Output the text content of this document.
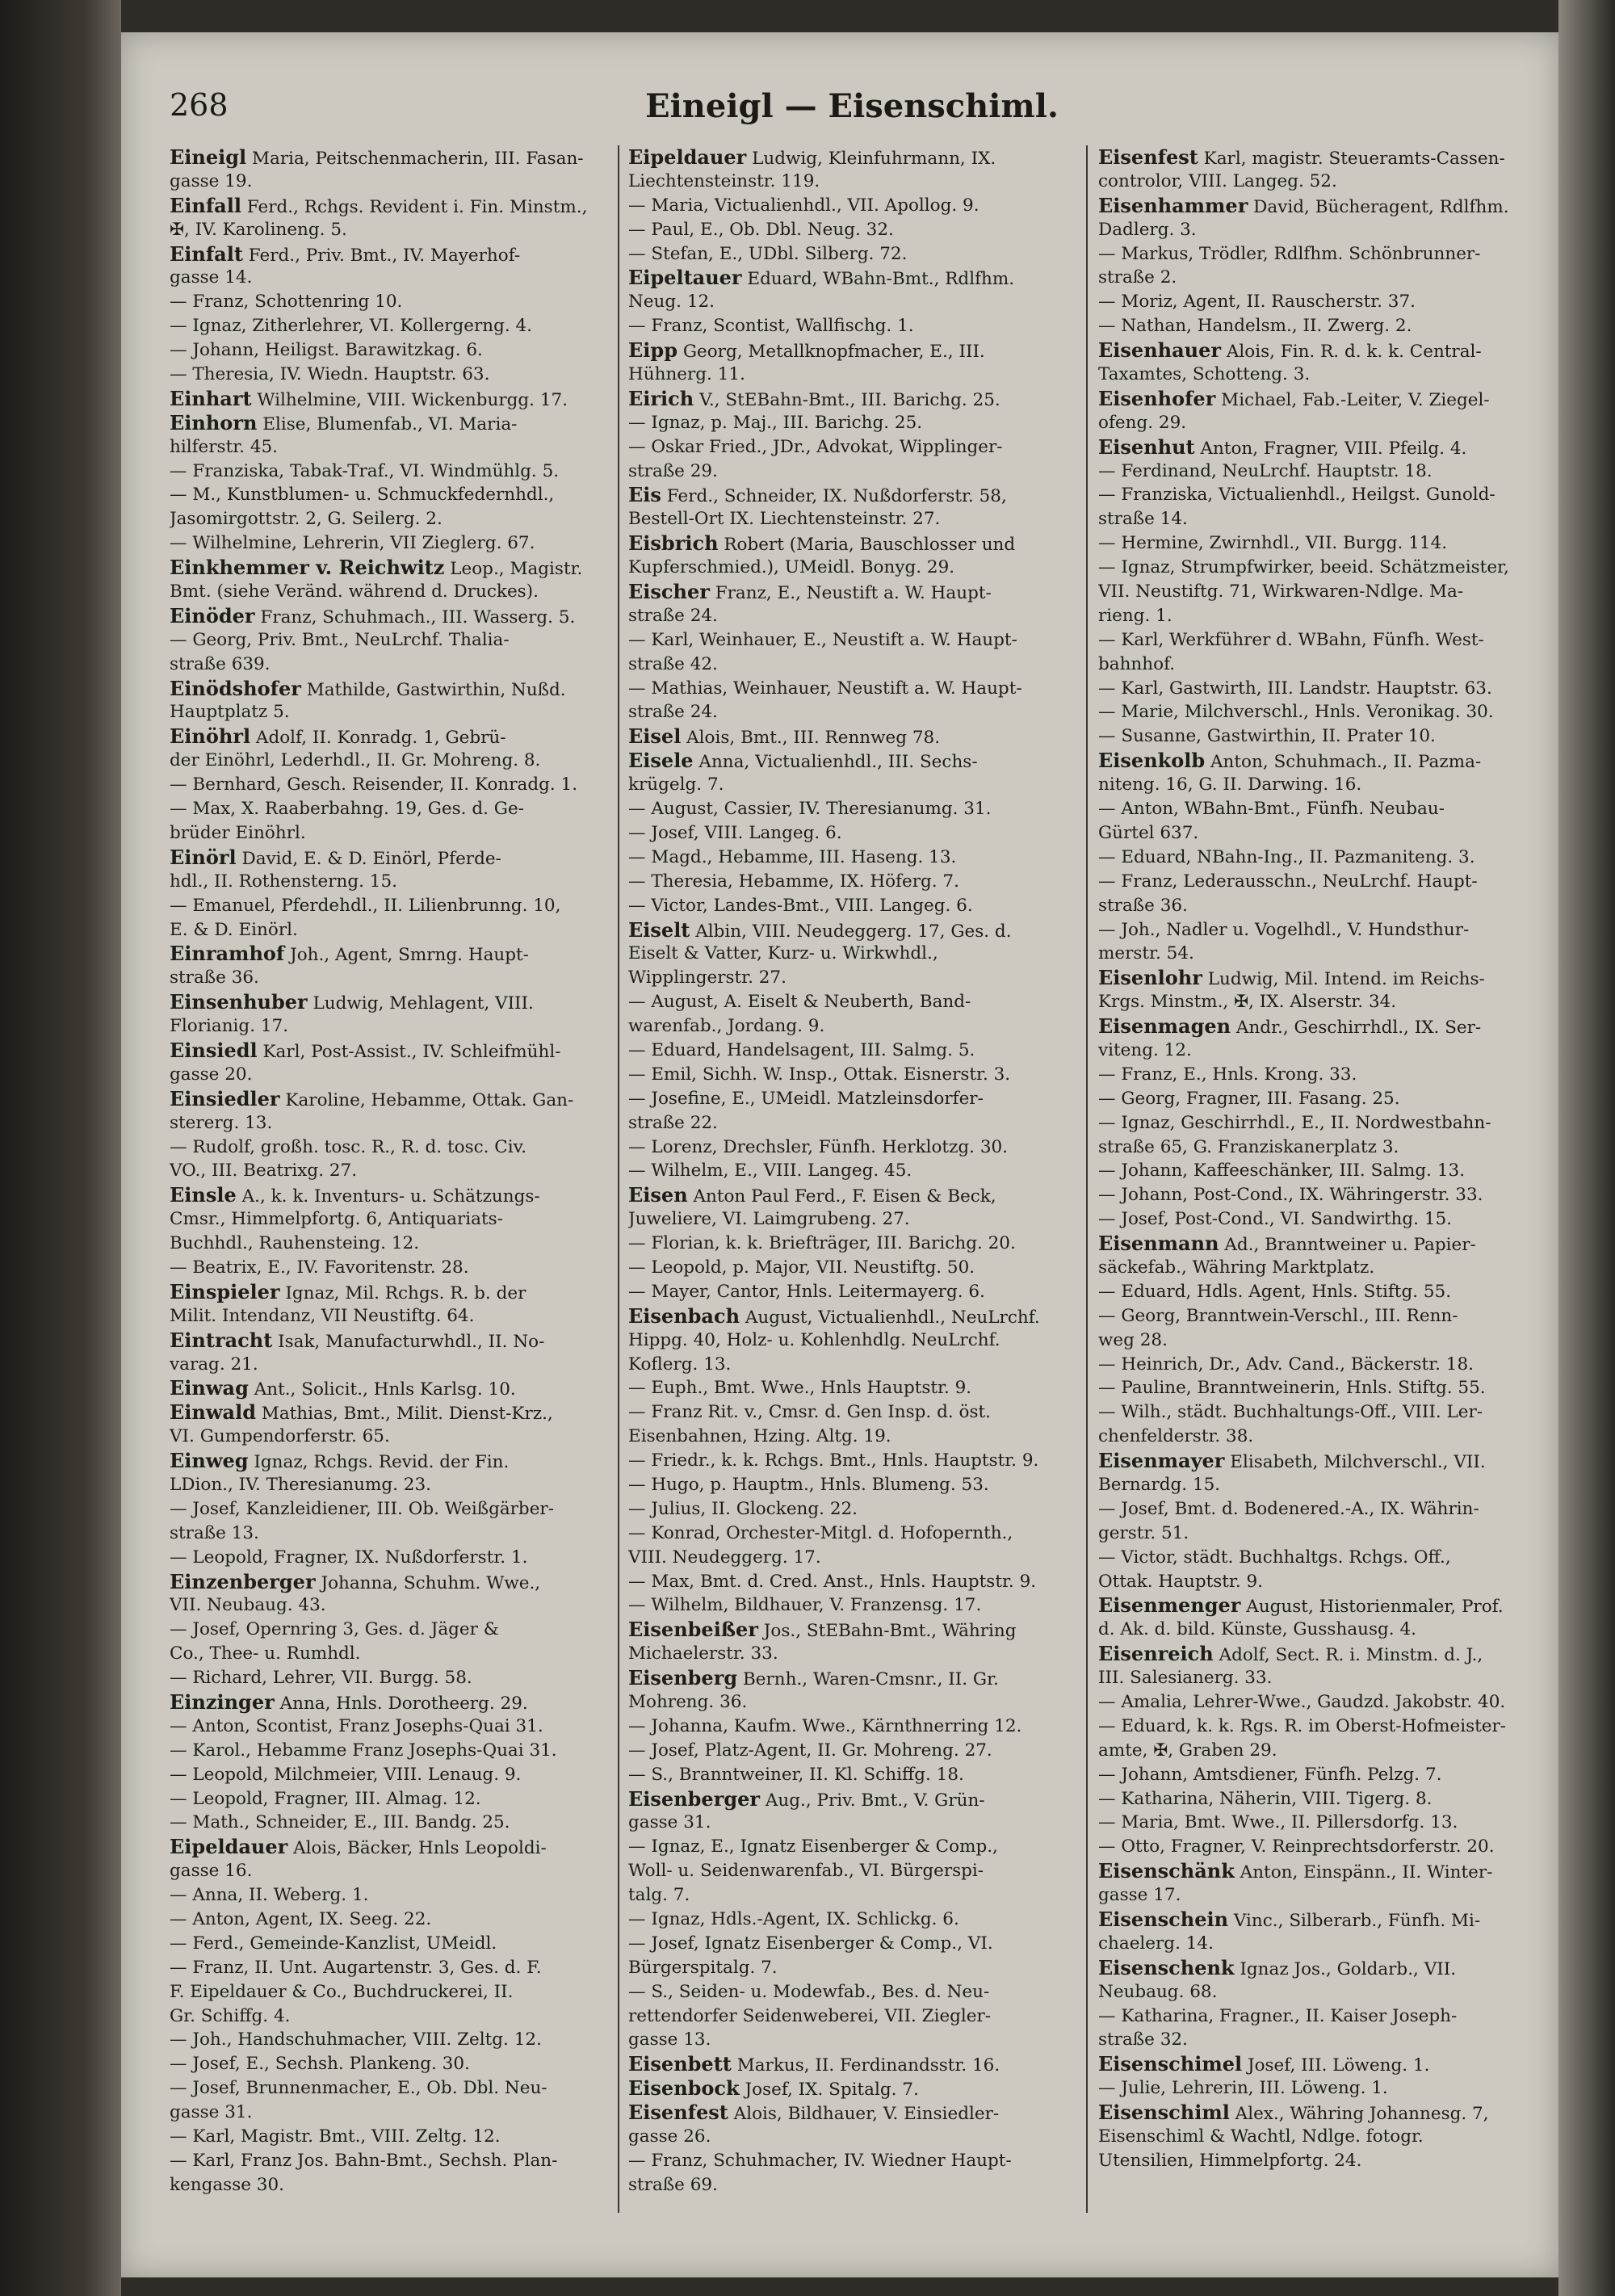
268	Eineigl — Eisenschiml.
Eineigl Maria, Peitschenmacherin, III. Fasan-
gasse 19.
Einfall Ferd., Rchgs. Revident i. Fin. Minstm.,
✠, IV. Karolineng. 5.
Einfalt Ferd., Priv. Bmt., IV. Mayerhof-
gasse 14.
— Franz, Schottenring 10.
— Ignaz, Zitherlehrer, VI. Kollergerng. 4.
— Johann, Heiligst. Barawitzkag. 6.
— Theresia, IV. Wiedn. Hauptstr. 63.
Einhart Wilhelmine, VIII. Wickenburgg. 17.
Einhorn Elise, Blumenfab., VI. Maria-
hilferstr. 45.
— Franziska, Tabak-Traf., VI. Windmühlg. 5.
— M., Kunstblumen- u. Schmuckfedernhdl.,
Jasomirgottstr. 2, G. Seilerg. 2.
— Wilhelmine, Lehrerin, VII Zieglerg. 67.
Einkhemmer v. Reichwitz Leop., Magistr.
Bmt. (siehe Veränd. während d. Druckes).
Einöder Franz, Schuhmach., III. Wasserg. 5.
— Georg, Priv. Bmt., NeuLrchf. Thalia-
straße 639.
Einödshofer Mathilde, Gastwirthin, Nußd.
Hauptplatz 5.
Einöhrl Adolf, II. Konradg. 1, Gebrü-
der Einöhrl, Lederhdl., II. Gr. Mohreng. 8.
— Bernhard, Gesch. Reisender, II. Konradg. 1.
— Max, X. Raaberbahng. 19, Ges. d. Ge-
brüder Einöhrl.
Einörl David, E. & D. Einörl, Pferde-
hdl., II. Rothensterng. 15.
— Emanuel, Pferdehdl., II. Lilienbrunng. 10,
E. & D. Einörl.
Einramhof Joh., Agent, Smrng. Haupt-
straße 36.
Einsenhuber Ludwig, Mehlagent, VIII.
Florianig. 17.
Einsiedl Karl, Post-Assist., IV. Schleifmühl-
gasse 20.
Einsiedler Karoline, Hebamme, Ottak. Gan-
stererg. 13.
— Rudolf, großh. tosc. R., R. d. tosc. Civ.
VO., III. Beatrixg. 27.
Einsle A., k. k. Inventurs- u. Schätzungs-
Cmsr., Himmelpfortg. 6, Antiquariats-
Buchhdl., Rauhensteing. 12.
— Beatrix, E., IV. Favoritenstr. 28.
Einspieler Ignaz, Mil. Rchgs. R. b. der
Milit. Intendanz, VII Neustiftg. 64.
Eintracht Isak, Manufacturwhdl., II. No-
varag. 21.
Einwag Ant., Solicit., Hnls Karlsg. 10.
Einwald Mathias, Bmt., Milit. Dienst-Krz.,
VI. Gumpendorferstr. 65.
Einweg Ignaz, Rchgs. Revid. der Fin.
LDion., IV. Theresianumg. 23.
— Josef, Kanzleidiener, III. Ob. Weißgärber-
straße 13.
— Leopold, Fragner, IX. Nußdorferstr. 1.
Einzenberger Johanna, Schuhm. Wwe.,
VII. Neubaug. 43.
— Josef, Opernring 3, Ges. d. Jäger &
Co., Thee- u. Rumhdl.
— Richard, Lehrer, VII. Burgg. 58.
Einzinger Anna, Hnls. Dorotheerg. 29.
— Anton, Scontist, Franz Josephs-Quai 31.
— Karol., Hebamme Franz Josephs-Quai 31.
— Leopold, Milchmeier, VIII. Lenaug. 9.
— Leopold, Fragner, III. Almag. 12.
— Math., Schneider, E., III. Bandg. 25.
Eipeldauer Alois, Bäcker, Hnls Leopoldi-
gasse 16.
— Anna, II. Weberg. 1.
— Anton, Agent, IX. Seeg. 22.
— Ferd., Gemeinde-Kanzlist, UMeidl.
— Franz, II. Unt. Augartenstr. 3, Ges. d. F.
F. Eipeldauer & Co., Buchdruckerei, II.
Gr. Schiffg. 4.
— Joh., Handschuhmacher, VIII. Zeltg. 12.
— Josef, E., Sechsh. Plankeng. 30.
— Josef, Brunnenmacher, E., Ob. Dbl. Neu-
gasse 31.
— Karl, Magistr. Bmt., VIII. Zeltg. 12.
— Karl, Franz Jos. Bahn-Bmt., Sechsh. Plan-
kengasse 30.
Eipeldauer Ludwig, Kleinfuhrmann, IX.
Liechtensteinstr. 119.
— Maria, Victualienhdl., VII. Apollog. 9.
— Paul, E., Ob. Dbl. Neug. 32.
— Stefan, E., UDbl. Silberg. 72.
Eipeltauer Eduard, WBahn-Bmt., Rdlfhm.
Neug. 12.
— Franz, Scontist, Wallfischg. 1.
Eipp Georg, Metallknopfmacher, E., III.
Hühnerg. 11.
Eirich V., StEBahn-Bmt., III. Barichg. 25.
— Ignaz, p. Maj., III. Barichg. 25.
— Oskar Fried., JDr., Advokat, Wipplinger-
straße 29.
Eis Ferd., Schneider, IX. Nußdorferstr. 58,
Bestell-Ort IX. Liechtensteinstr. 27.
Eisbrich Robert (Maria, Bauschlosser und
Kupferschmied.), UMeidl. Bonyg. 29.
Eischer Franz, E., Neustift a. W. Haupt-
straße 24.
— Karl, Weinhauer, E., Neustift a. W. Haupt-
straße 42.
— Mathias, Weinhauer, Neustift a. W. Haupt-
straße 24.
Eisel Alois, Bmt., III. Rennweg 78.
Eisele Anna, Victualienhdl., III. Sechs-
krügelg. 7.
— August, Cassier, IV. Theresianumg. 31.
— Josef, VIII. Langeg. 6.
— Magd., Hebamme, III. Haseng. 13.
— Theresia, Hebamme, IX. Höferg. 7.
— Victor, Landes-Bmt., VIII. Langeg. 6.
Eiselt Albin, VIII. Neudeggerg. 17, Ges. d.
Eiselt & Vatter, Kurz- u. Wirkwhdl.,
Wipplingerstr. 27.
— August, A. Eiselt & Neuberth, Band-
warenfab., Jordang. 9.
— Eduard, Handelsagent, III. Salmg. 5.
— Emil, Sichh. W. Insp., Ottak. Eisnerstr. 3.
— Josefine, E., UMeidl. Matzleinsdorfer-
straße 22.
— Lorenz, Drechsler, Fünfh. Herklotzg. 30.
— Wilhelm, E., VIII. Langeg. 45.
Eisen Anton Paul Ferd., F. Eisen & Beck,
Juweliere, VI. Laimgrubeng. 27.
— Florian, k. k. Briefträger, III. Barichg. 20.
— Leopold, p. Major, VII. Neustiftg. 50.
— Mayer, Cantor, Hnls. Leitermayerg. 6.
Eisenbach August, Victualienhdl., NeuLrchf.
Hippg. 40, Holz- u. Kohlenhdlg. NeuLrchf.
Koflerg. 13.
— Euph., Bmt. Wwe., Hnls Hauptstr. 9.
— Franz Rit. v., Cmsr. d. Gen Insp. d. öst.
Eisenbahnen, Hzing. Altg. 19.
— Friedr., k. k. Rchgs. Bmt., Hnls. Hauptstr. 9.
— Hugo, p. Hauptm., Hnls. Blumeng. 53.
— Julius, II. Glockeng. 22.
— Konrad, Orchester-Mitgl. d. Hofopernth.,
VIII. Neudeggerg. 17.
— Max, Bmt. d. Cred. Anst., Hnls. Hauptstr. 9.
— Wilhelm, Bildhauer, V. Franzensg. 17.
Eisenbeißer Jos., StEBahn-Bmt., Währing
Michaelerstr. 33.
Eisenberg Bernh., Waren-Cmsnr., II. Gr.
Mohreng. 36.
— Johanna, Kaufm. Wwe., Kärnthnerring 12.
— Josef, Platz-Agent, II. Gr. Mohreng. 27.
— S., Branntweiner, II. Kl. Schiffg. 18.
Eisenberger Aug., Priv. Bmt., V. Grün-
gasse 31.
— Ignaz, E., Ignatz Eisenberger & Comp.,
Woll- u. Seidenwarenfab., VI. Bürgerspi-
talg. 7.
— Ignaz, Hdls.-Agent, IX. Schlickg. 6.
— Josef, Ignatz Eisenberger & Comp., VI.
Bürgerspitalg. 7.
— S., Seiden- u. Modewfab., Bes. d. Neu-
rettendorfer Seidenweberei, VII. Ziegler-
gasse 13.
Eisenbett Markus, II. Ferdinandsstr. 16.
Eisenbock Josef, IX. Spitalg. 7.
Eisenfest Alois, Bildhauer, V. Einsiedler-
gasse 26.
— Franz, Schuhmacher, IV. Wiedner Haupt-
straße 69.
Eisenfest Karl, magistr. Steueramts-Cassen-
controlor, VIII. Langeg. 52.
Eisenhammer David, Bücheragent, Rdlfhm.
Dadlerg. 3.
— Markus, Trödler, Rdlfhm. Schönbrunner-
straße 2.
— Moriz, Agent, II. Rauscherstr. 37.
— Nathan, Handelsm., II. Zwerg. 2.
Eisenhauer Alois, Fin. R. d. k. k. Central-
Taxamtes, Schotteng. 3.
Eisenhofer Michael, Fab.-Leiter, V. Ziegel-
ofeng. 29.
Eisenhut Anton, Fragner, VIII. Pfeilg. 4.
— Ferdinand, NeuLrchf. Hauptstr. 18.
— Franziska, Victualienhdl., Heilgst. Gunold-
straße 14.
— Hermine, Zwirnhdl., VII. Burgg. 114.
— Ignaz, Strumpfwirker, beeid. Schätzmeister,
VII. Neustiftg. 71, Wirkwaren-Ndlge. Ma-
rieng. 1.
— Karl, Werkführer d. WBahn, Fünfh. West-
bahnhof.
— Karl, Gastwirth, III. Landstr. Hauptstr. 63.
— Marie, Milchverschl., Hnls. Veronikag. 30.
— Susanne, Gastwirthin, II. Prater 10.
Eisenkolb Anton, Schuhmach., II. Pazma-
niteng. 16, G. II. Darwing. 16.
— Anton, WBahn-Bmt., Fünfh. Neubau-
Gürtel 637.
— Eduard, NBahn-Ing., II. Pazmaniteng. 3.
— Franz, Lederausschn., NeuLrchf. Haupt-
straße 36.
— Joh., Nadler u. Vogelhdl., V. Hundsthur-
merstr. 54.
Eisenlohr Ludwig, Mil. Intend. im Reichs-
Krgs. Minstm., ✠, IX. Alserstr. 34.
Eisenmagen Andr., Geschirrhdl., IX. Ser-
viteng. 12.
— Franz, E., Hnls. Krong. 33.
— Georg, Fragner, III. Fasang. 25.
— Ignaz, Geschirrhdl., E., II. Nordwestbahn-
straße 65, G. Franziskanerplatz 3.
— Johann, Kaffeeschänker, III. Salmg. 13.
— Johann, Post-Cond., IX. Währingerstr. 33.
— Josef, Post-Cond., VI. Sandwirthg. 15.
Eisenmann Ad., Branntweiner u. Papier-
säckefab., Währing Marktplatz.
— Eduard, Hdls. Agent, Hnls. Stiftg. 55.
— Georg, Branntwein-Verschl., III. Renn-
weg 28.
— Heinrich, Dr., Adv. Cand., Bäckerstr. 18.
— Pauline, Branntweinerin, Hnls. Stiftg. 55.
— Wilh., städt. Buchhaltungs-Off., VIII. Ler-
chenfelderstr. 38.
Eisenmayer Elisabeth, Milchverschl., VII.
Bernardg. 15.
— Josef, Bmt. d. Bodenered.-A., IX. Währin-
gerstr. 51.
— Victor, städt. Buchhaltgs. Rchgs. Off.,
Ottak. Hauptstr. 9.
Eisenmenger August, Historienmaler, Prof.
d. Ak. d. bild. Künste, Gusshausg. 4.
Eisenreich Adolf, Sect. R. i. Minstm. d. J.,
III. Salesianerg. 33.
— Amalia, Lehrer-Wwe., Gaudzd. Jakobstr. 40.
— Eduard, k. k. Rgs. R. im Oberst-Hofmeister-
amte, ✠, Graben 29.
— Johann, Amtsdiener, Fünfh. Pelzg. 7.
— Katharina, Näherin, VIII. Tigerg. 8.
— Maria, Bmt. Wwe., II. Pillersdorfg. 13.
— Otto, Fragner, V. Reinprechtsdorferstr. 20.
Eisenschänk Anton, Einspänn., II. Winter-
gasse 17.
Eisenschein Vinc., Silberarb., Fünfh. Mi-
chaelerg. 14.
Eisenschenk Ignaz Jos., Goldarb., VII.
Neubaug. 68.
— Katharina, Fragner., II. Kaiser Joseph-
straße 32.
Eisenschimel Josef, III. Löweng. 1.
— Julie, Lehrerin, III. Löweng. 1.
Eisenschiml Alex., Währing Johannesg. 7,
Eisenschiml & Wachtl, Ndlge. fotogr.
Utensilien, Himmelpfortg. 24.
